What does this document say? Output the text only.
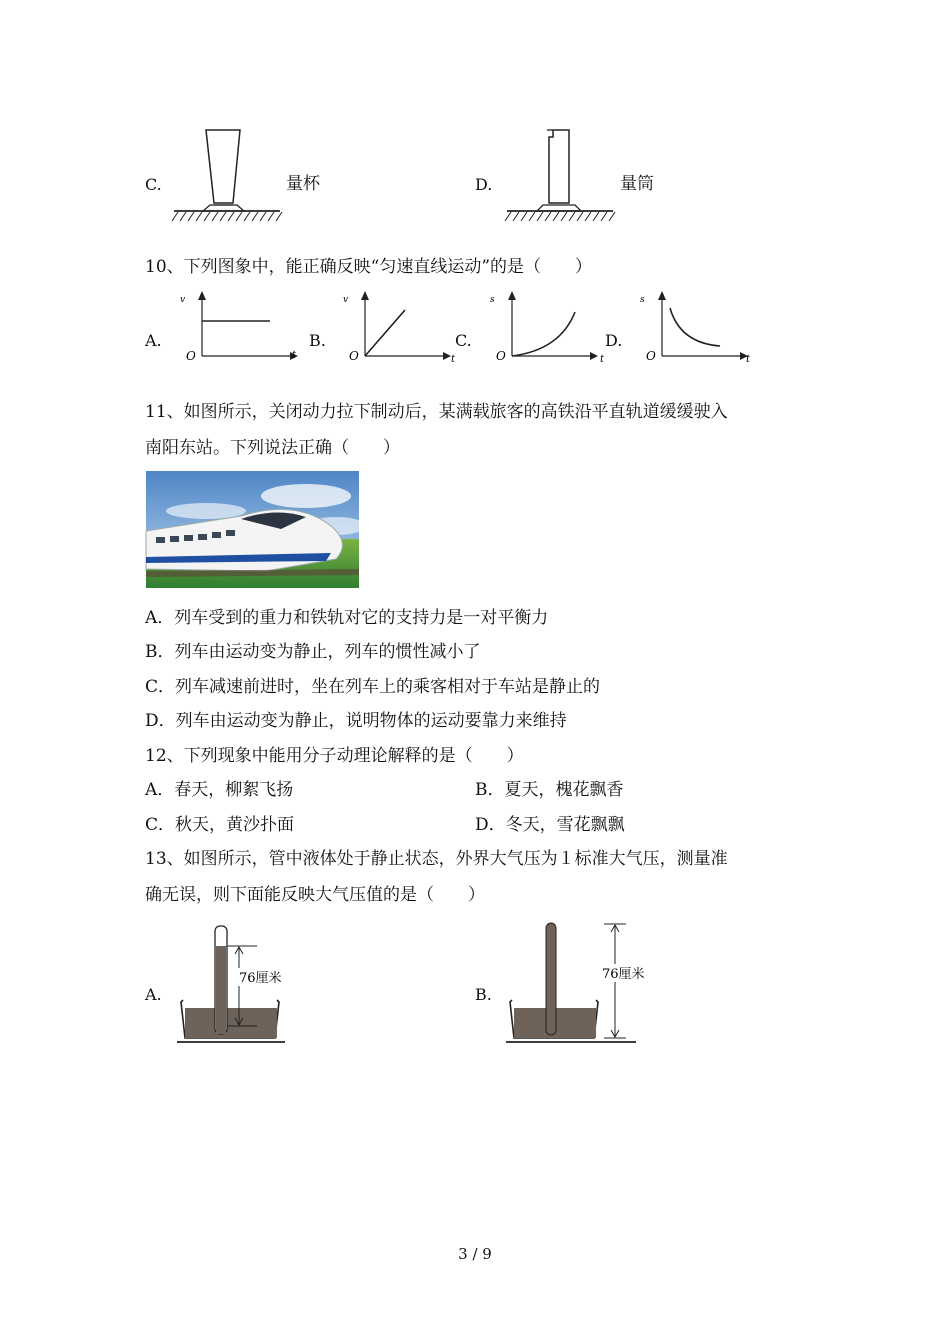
C.	量杯	D.	量筒
10、下列图象中，能正确反映“匀速直线运动”的是（　　）
A.
v
O	t
B.
v
O	t
C.
s
O	t
D.
s
O	t
11、如图所示，关闭动力拉下制动后，某满载旅客的高铁沿平直轨道缓缓驶入
南阳东站。下列说法正确（　　）
A．列车受到的重力和铁轨对它的支持力是一对平衡力
B．列车由运动变为静止，列车的惯性减小了
C．列车减速前进时，坐在列车上的乘客相对于车站是静止的
D．列车由运动变为静止，说明物体的运动要靠力来维持
12、下列现象中能用分子动理论解释的是（　　）
A．春天，柳絮飞扬	B．夏天，槐花飘香
C．秋天，黄沙扑面	D．冬天，雪花飘飘
13、如图所示，管中液体处于静止状态，外界大气压为１标准大气压，测量准
确无误，则下面能反映大气压值的是（　　）
A.
76厘米
B.
76厘米
3 / 9
